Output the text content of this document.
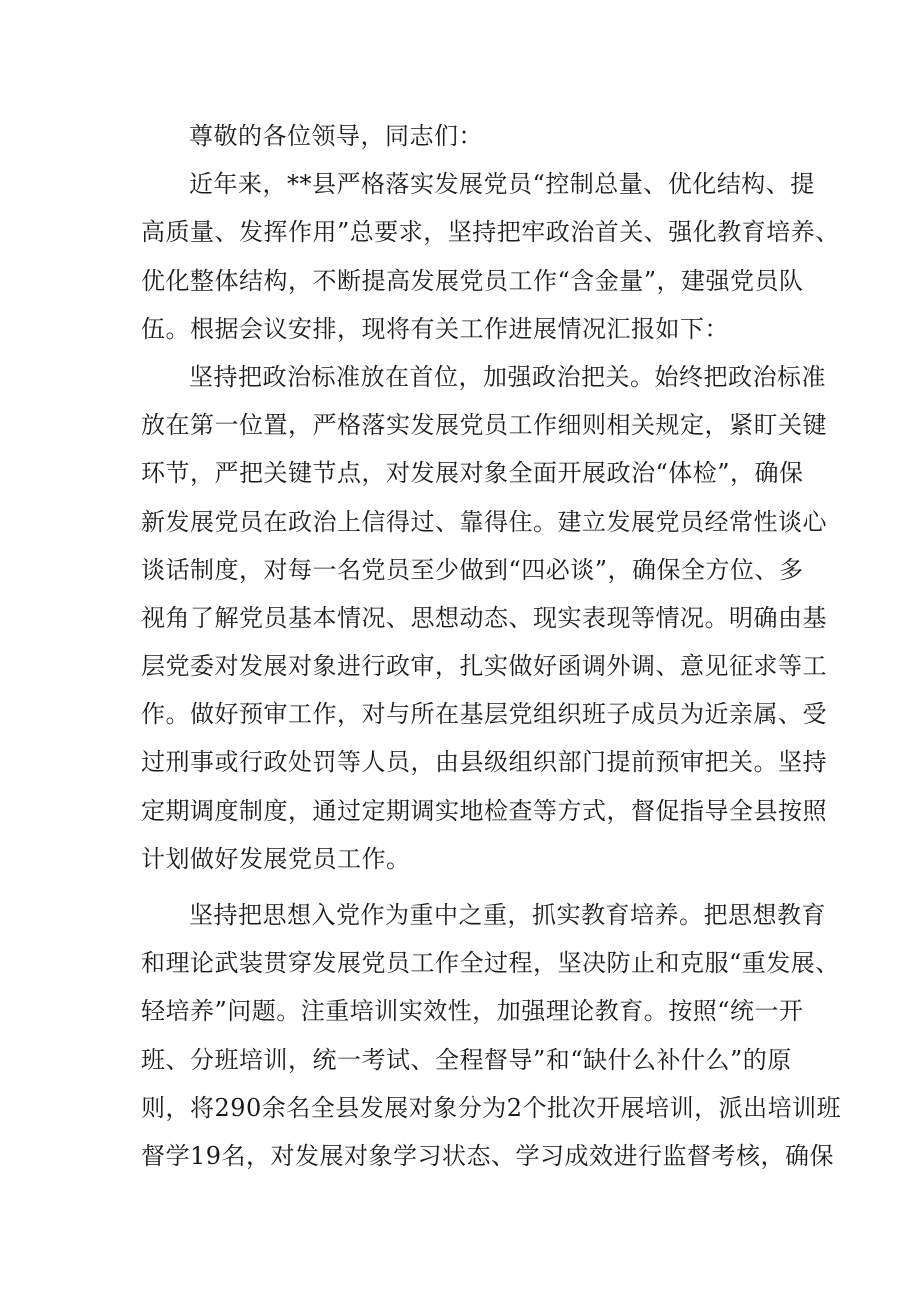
尊敬的各位领导，同志们：
近年来，**县严格落实发展党员“控制总量、优化结构、提
高质量、发挥作用”总要求，坚持把牢政治首关、强化教育培养、
优化整体结构，不断提高发展党员工作“含金量”，建强党员队
伍。根据会议安排，现将有关工作进展情况汇报如下：
坚持把政治标准放在首位，加强政治把关。始终把政治标准
放在第一位置，严格落实发展党员工作细则相关规定，紧盯关键
环节，严把关键节点，对发展对象全面开展政治“体检”，确保
新发展党员在政治上信得过、靠得住。建立发展党员经常性谈心
谈话制度，对每一名党员至少做到“四必谈”，确保全方位、多
视角了解党员基本情况、思想动态、现实表现等情况。明确由基
层党委对发展对象进行政审，扎实做好函调外调、意见征求等工
作。做好预审工作，对与所在基层党组织班子成员为近亲属、受
过刑事或行政处罚等人员，由县级组织部门提前预审把关。坚持
定期调度制度，通过定期调实地检查等方式，督促指导全县按照
计划做好发展党员工作。
坚持把思想入党作为重中之重，抓实教育培养。把思想教育
和理论武装贯穿发展党员工作全过程，坚决防止和克服“重发展、
轻培养”问题。注重培训实效性，加强理论教育。按照“统一开
班、分班培训，统一考试、全程督导”和“缺什么补什么”的原
则，将290余名全县发展对象分为2个批次开展培训，派出培训班
督学19名，对发展对象学习状态、学习成效进行监督考核，确保
